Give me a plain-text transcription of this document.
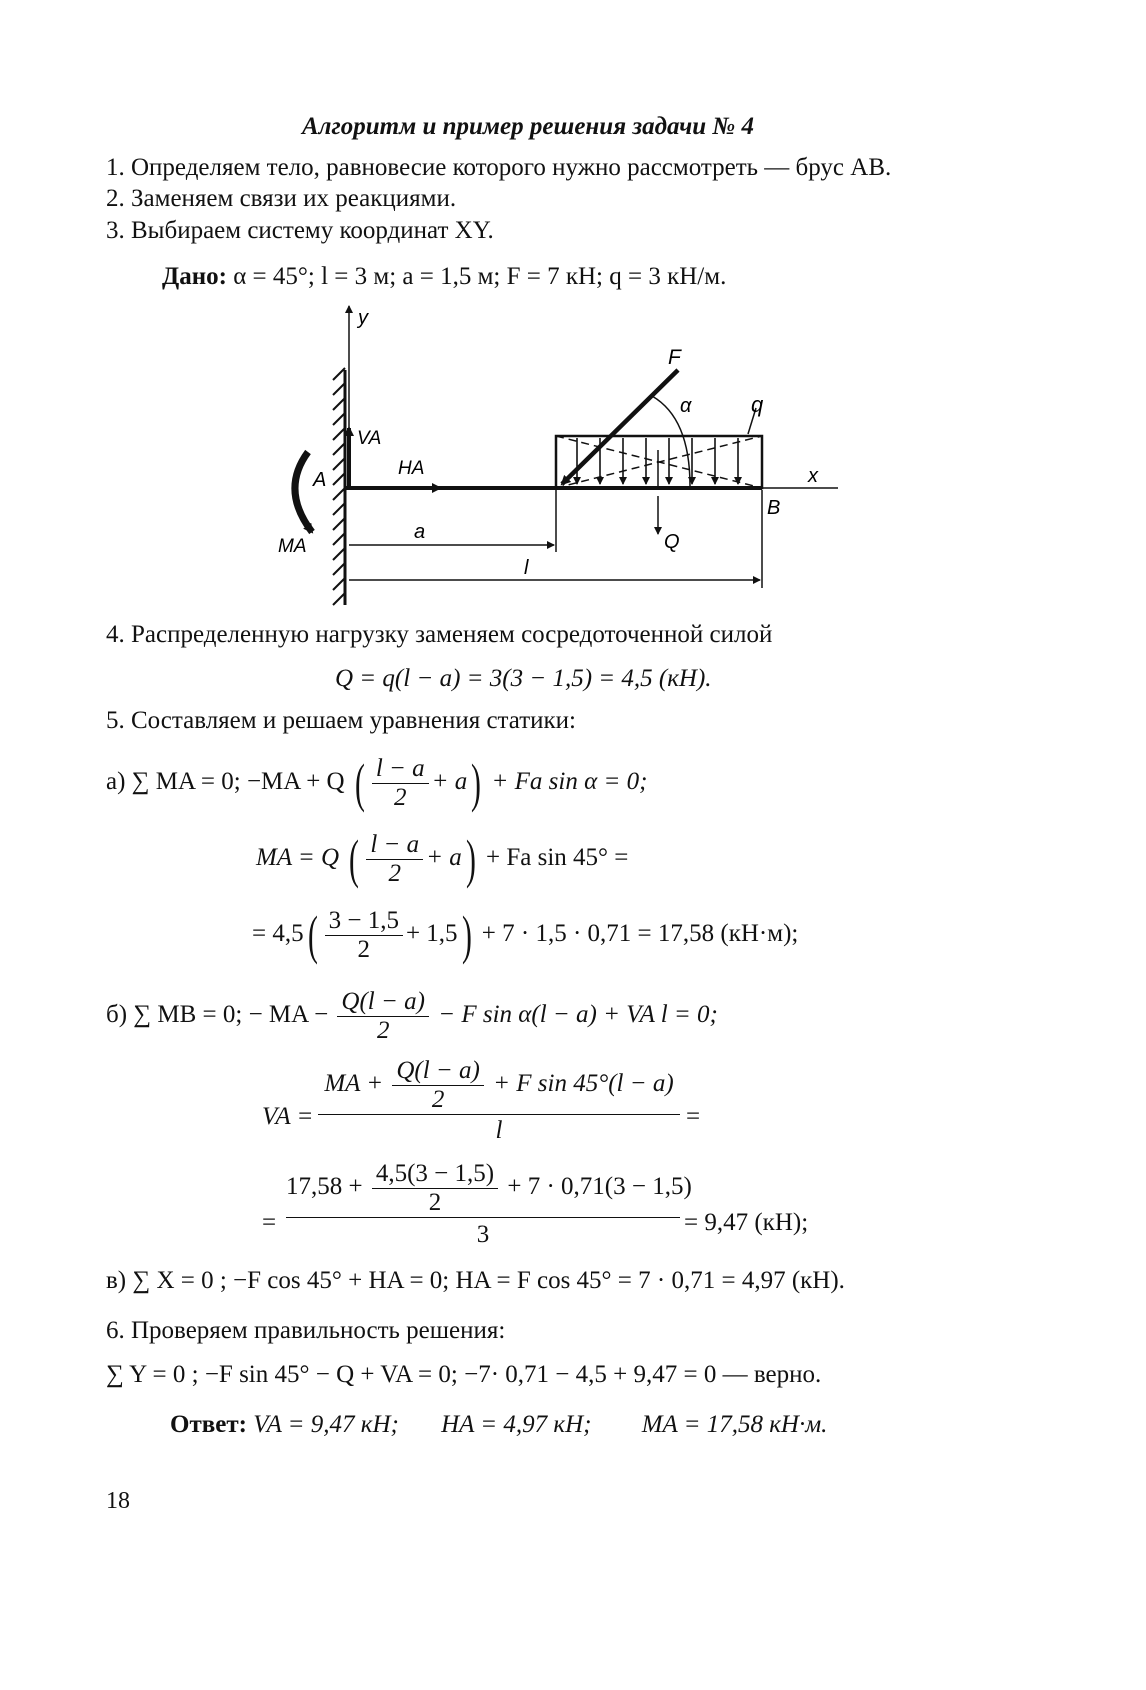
Алгоритм и пример решения задачи № 4
1. Определяем тело, равновесие которого нужно рассмотреть — брус AB.
2. Заменяем связи их реакциями.
3. Выбираем систему координат XY.
Дано: α = 45°; l = 3 м; a = 1,5 м; F = 7 кН; q = 3 кН/м.
y
x
VA
HA
A
B
MA
q
F
α
Q
a
l
4. Распределенную нагрузку заменяем сосредоточенной силой
Q = q(l − a) = 3(3 − 1,5) = 4,5 (кН).
5. Составляем и решаем уравнения статики:
а) ∑ MA = 0; −MA + Q ( $\frac{l - a}{2} + a) + Fa$ sin α = 0;
MA = Q ( $\frac{l - a}{2} + a) + Fa$ sin 45° =
= $4,5( \frac{3 - 1,5}{2} + 1,5) + 7 \cdot 1,5 \cdot 0,71 = 17,58$ (кН·м);
б) ∑ MB = 0; − MA − $\frac{Q(l - a)}{2} - F$ sin α(l − a) + VA l = 0;
VA = $\frac{MA + \frac{Q(l - a)}{2} + F \sin 45^\circ(l - a)}{l}$ =
= $\frac{17,58 + \frac{4,5(3 - 1,5)}{2} + 7 \cdot 0,71(3 - 1,5)}{3} = 9,47$ (кН);
в) ∑ X = 0 ; −F cos 45° + HA = 0; HA = F cos 45° = 7 · 0,71 = 4,97 (кН).
6. Проверяем правильность решения:
∑ Y = 0 ; −F sin 45° − Q + VA = 0; −7· 0,71 − 4,5 + 9,47 = 0 — верно.
Ответ: VA = 9,47 кН; HA = 4,97 кН; MA = 17,58 кН·м.
18
